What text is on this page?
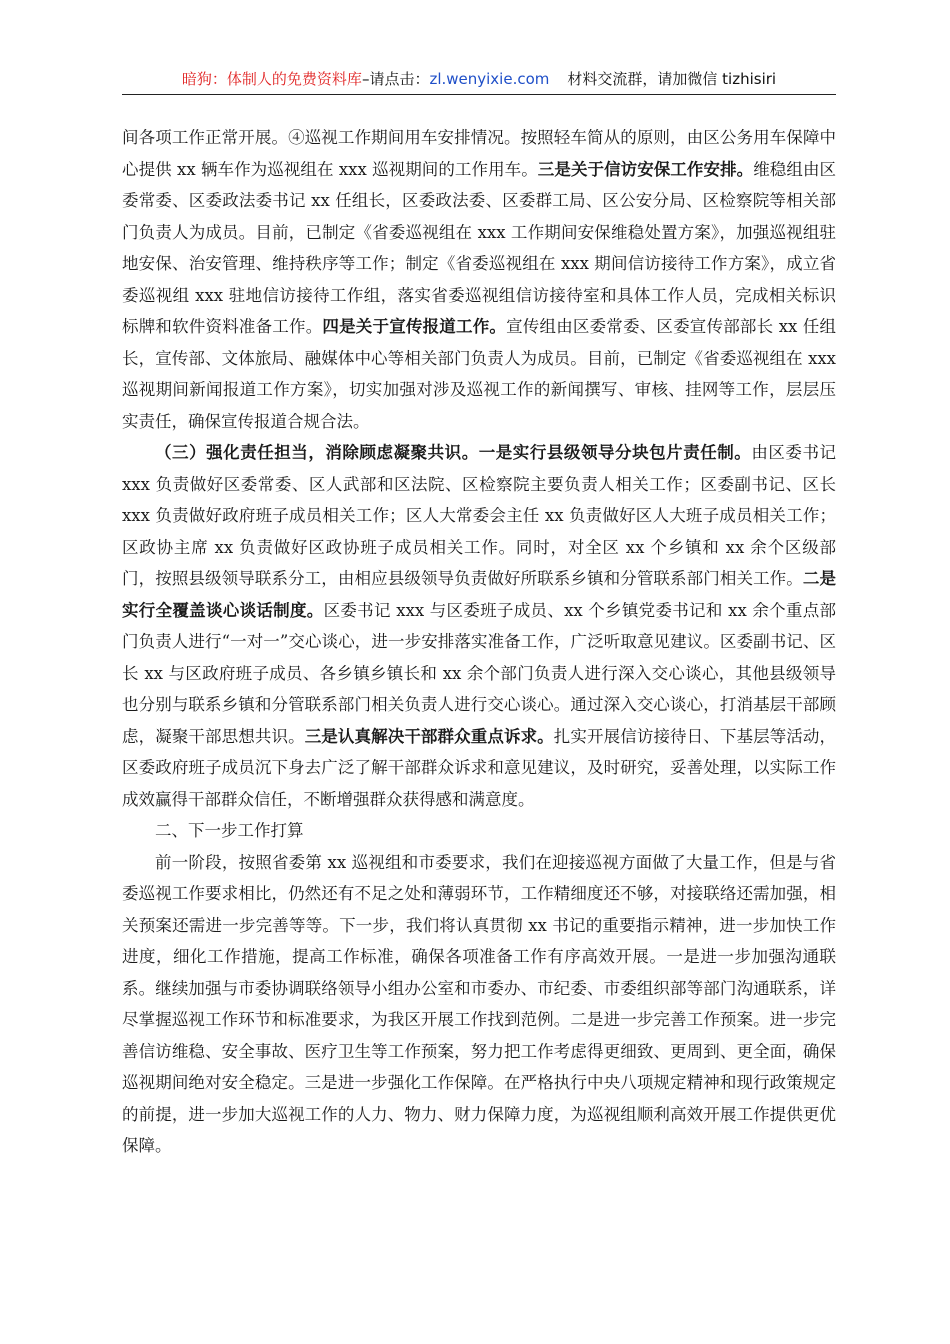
暗狗：体制人的免费资料库–请点击：zl.wenyixie.com 材料交流群，请加微信 tizhisiri

间各项工作正常开展。④巡视工作期间用车安排情况。按照轻车简从的原则，由区公务用车保障中心提供 xx 辆车作为巡视组在 xxx 巡视期间的工作用车。三是关于信访安保工作安排。维稳组由区委常委、区委政法委书记 xx 任组长，区委政法委、区委群工局、区公安分局、区检察院等相关部门负责人为成员。目前，已制定《省委巡视组在 xxx 工作期间安保维稳处置方案》，加强巡视组驻地安保、治安管理、维持秩序等工作；制定《省委巡视组在 xxx 期间信访接待工作方案》，成立省委巡视组 xxx 驻地信访接待工作组，落实省委巡视组信访接待室和具体工作人员，完成相关标识标牌和软件资料准备工作。四是关于宣传报道工作。宣传组由区委常委、区委宣传部部长 xx 任组长，宣传部、文体旅局、融媒体中心等相关部门负责人为成员。目前，已制定《省委巡视组在 xxx 巡视期间新闻报道工作方案》，切实加强对涉及巡视工作的新闻撰写、审核、挂网等工作，层层压实责任，确保宣传报道合规合法。

（三）强化责任担当，消除顾虑凝聚共识。一是实行县级领导分块包片责任制。由区委书记 xxx 负责做好区委常委、区人武部和区法院、区检察院主要负责人相关工作；区委副书记、区长 xxx 负责做好政府班子成员相关工作；区人大常委会主任 xx 负责做好区人大班子成员相关工作；区政协主席 xx 负责做好区政协班子成员相关工作。同时，对全区 xx 个乡镇和 xx 余个区级部门，按照县级领导联系分工，由相应县级领导负责做好所联系乡镇和分管联系部门相关工作。二是实行全覆盖谈心谈话制度。区委书记 xxx 与区委班子成员、xx 个乡镇党委书记和 xx 余个重点部门负责人进行“一对一”交心谈心，进一步安排落实准备工作，广泛听取意见建议。区委副书记、区长 xx 与区政府班子成员、各乡镇乡镇长和 xx 余个部门负责人进行深入交心谈心，其他县级领导也分别与联系乡镇和分管联系部门相关负责人进行交心谈心。通过深入交心谈心，打消基层干部顾虑，凝聚干部思想共识。三是认真解决干部群众重点诉求。扎实开展信访接待日、下基层等活动，区委政府班子成员沉下身去广泛了解干部群众诉求和意见建议，及时研究，妥善处理，以实际工作成效赢得干部群众信任，不断增强群众获得感和满意度。

二、下一步工作打算

前一阶段，按照省委第 xx 巡视组和市委要求，我们在迎接巡视方面做了大量工作，但是与省委巡视工作要求相比，仍然还有不足之处和薄弱环节，工作精细度还不够，对接联络还需加强，相关预案还需进一步完善等等。下一步，我们将认真贯彻 xx 书记的重要指示精神，进一步加快工作进度，细化工作措施，提高工作标准，确保各项准备工作有序高效开展。一是进一步加强沟通联系。继续加强与市委协调联络领导小组办公室和市委办、市纪委、市委组织部等部门沟通联系，详尽掌握巡视工作环节和标准要求，为我区开展工作找到范例。二是进一步完善工作预案。进一步完善信访维稳、安全事故、医疗卫生等工作预案，努力把工作考虑得更细致、更周到、更全面，确保巡视期间绝对安全稳定。三是进一步强化工作保障。在严格执行中央八项规定精神和现行政策规定的前提，进一步加大巡视工作的人力、物力、财力保障力度，为巡视组顺利高效开展工作提供更优保障。
